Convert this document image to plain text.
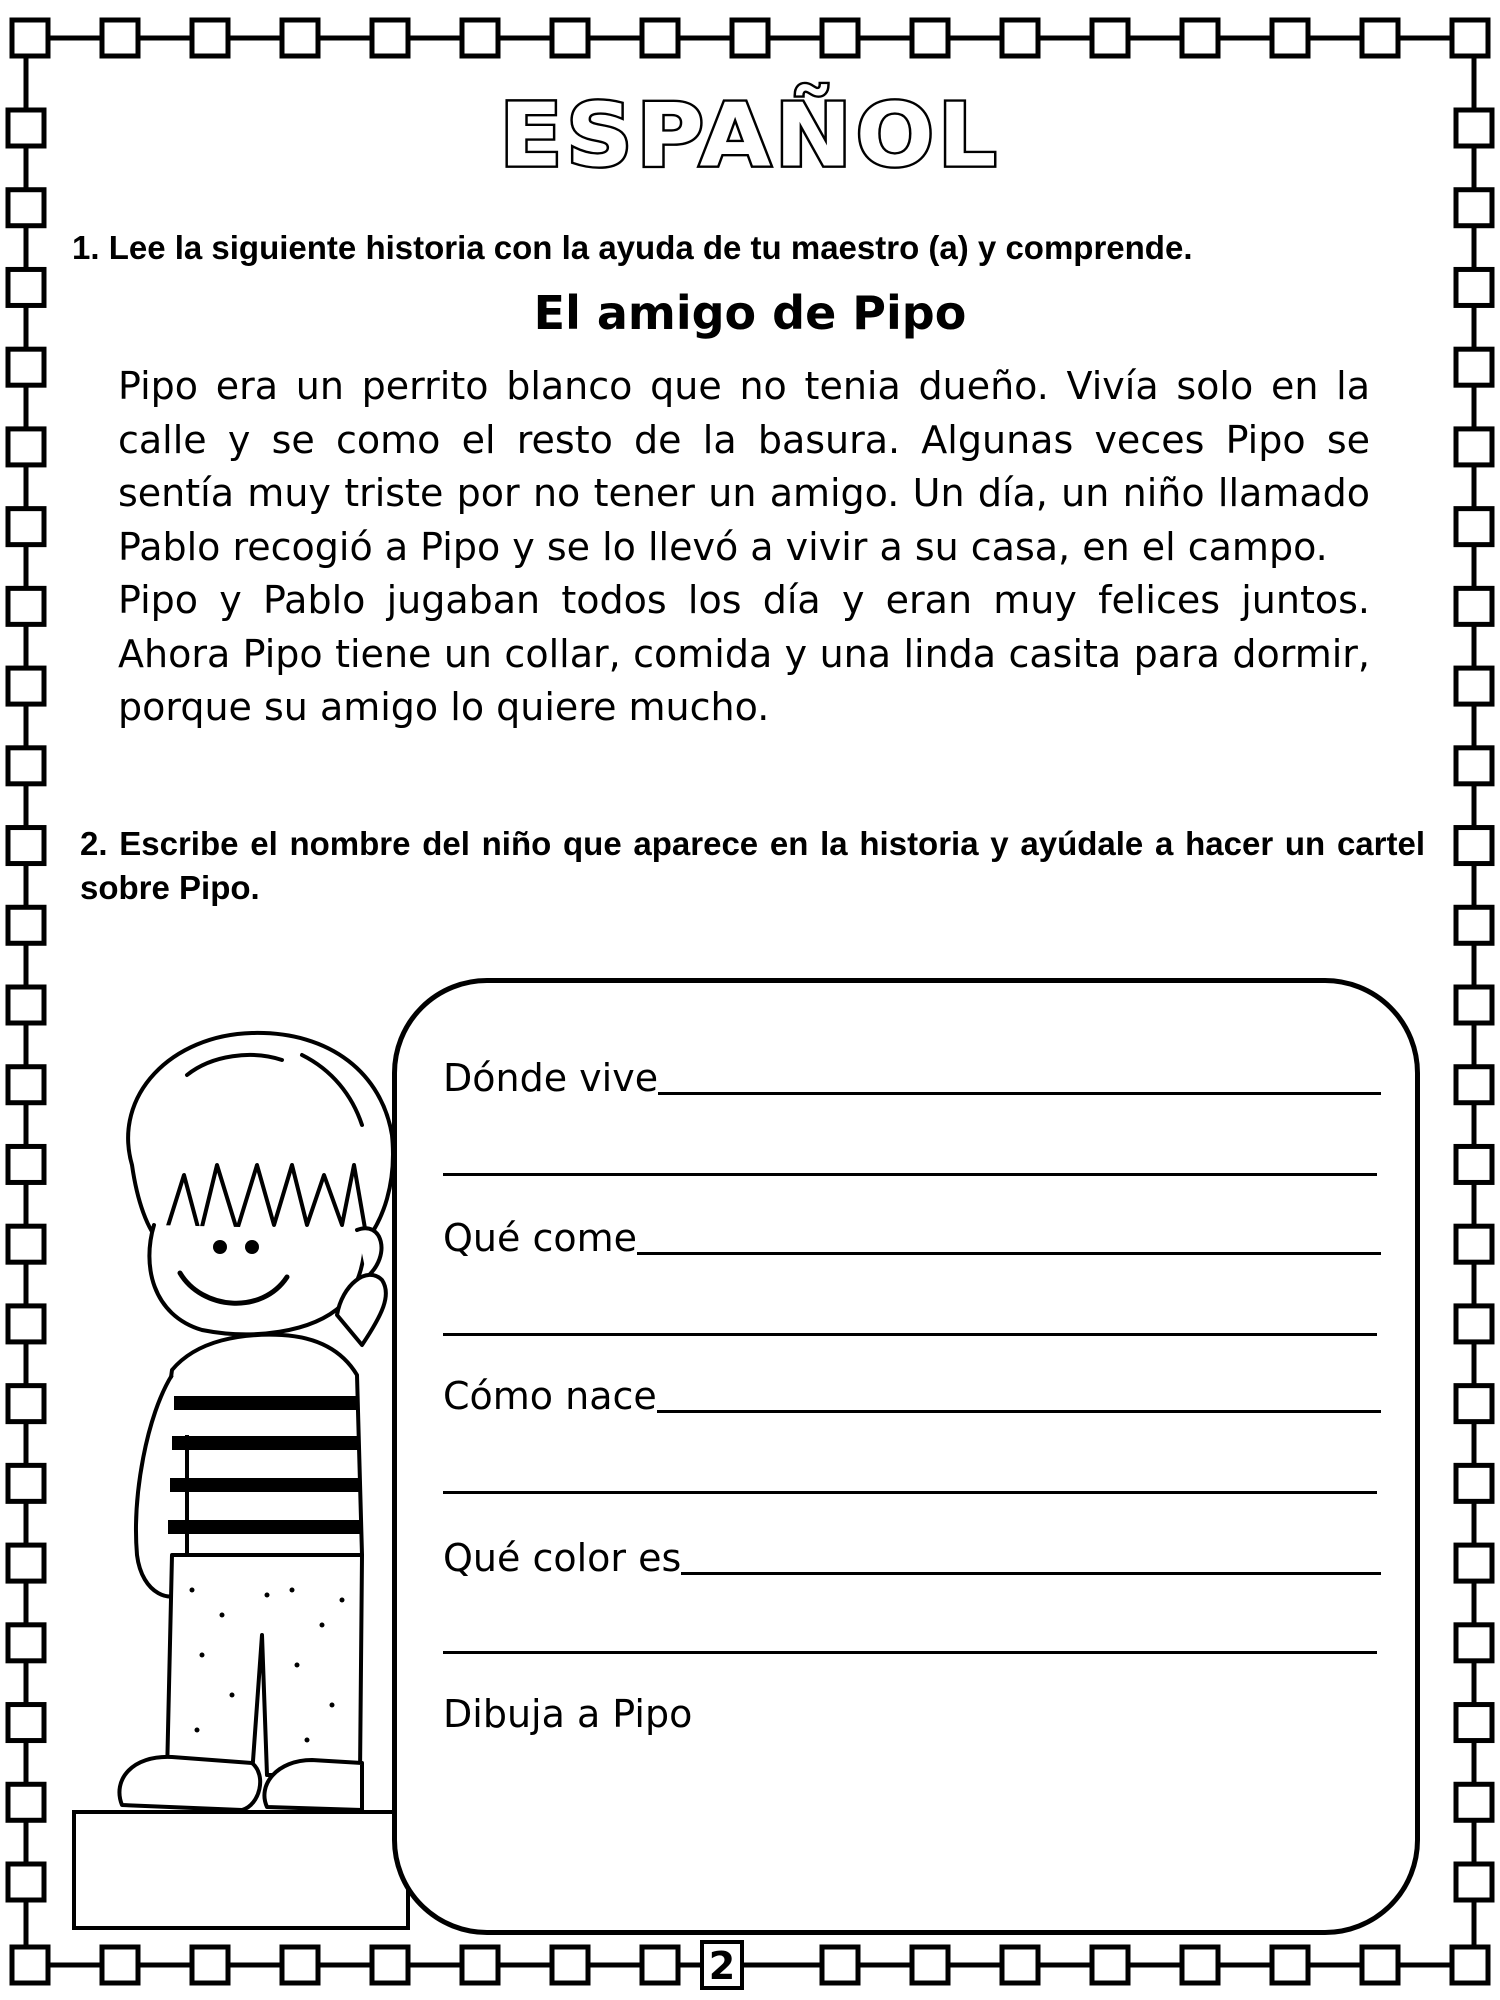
ESPAÑOL

1. Lee la siguiente historia con la ayuda de tu maestro (a) y comprende.

El amigo de Pipo

Pipo era un perrito blanco que no tenia dueño. Vivía solo en la calle y se como el resto de la basura. Algunas veces Pipo se sentía muy triste por no tener un amigo. Un día, un niño llamado Pablo recogió a Pipo y se lo llevó a vivir a su casa, en el campo.

Pipo y Pablo jugaban todos los día y eran muy felices juntos. Ahora Pipo tiene un collar, comida y una linda casita para dormir, porque su amigo lo quiere mucho.

2. Escribe el nombre del niño que aparece en la historia y ayúdale a hacer un cartel sobre Pipo.

Dónde vive
Qué come
Cómo nace
Qué color es
Dibuja a Pipo
2
